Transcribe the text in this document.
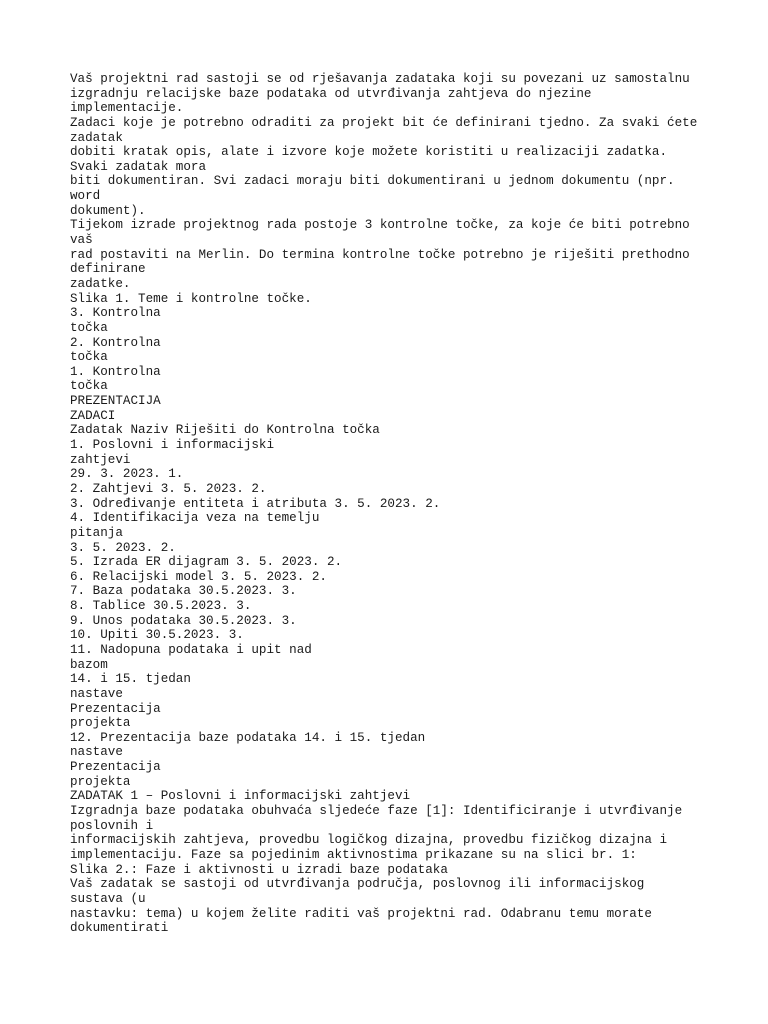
Vaš projektni rad sastoji se od rješavanja zadataka koji su povezani uz samostalnu
izgradnju relacijske baze podataka od utvrđivanja zahtjeva do njezine
implementacije.
Zadaci koje je potrebno odraditi za projekt bit će definirani tjedno. Za svaki ćete
zadatak
dobiti kratak opis, alate i izvore koje možete koristiti u realizaciji zadatka.
Svaki zadatak mora
biti dokumentiran. Svi zadaci moraju biti dokumentirani u jednom dokumentu (npr.
word
dokument).
Tijekom izrade projektnog rada postoje 3 kontrolne točke, za koje će biti potrebno
vaš
rad postaviti na Merlin. Do termina kontrolne točke potrebno je riješiti prethodno
definirane
zadatke.
Slika 1. Teme i kontrolne točke.
3. Kontrolna
točka
2. Kontrolna
točka
1. Kontrolna
točka
PREZENTACIJA
ZADACI
Zadatak Naziv Riješiti do Kontrolna točka
1. Poslovni i informacijski
zahtjevi
29. 3. 2023. 1.
2. Zahtjevi 3. 5. 2023. 2.
3. Određivanje entiteta i atributa 3. 5. 2023. 2.
4. Identifikacija veza na temelju
pitanja
3. 5. 2023. 2.
5. Izrada ER dijagram 3. 5. 2023. 2.
6. Relacijski model 3. 5. 2023. 2.
7. Baza podataka 30.5.2023. 3.
8. Tablice 30.5.2023. 3.
9. Unos podataka 30.5.2023. 3.
10. Upiti 30.5.2023. 3.
11. Nadopuna podataka i upit nad
bazom
14. i 15. tjedan
nastave
Prezentacija
projekta
12. Prezentacija baze podataka 14. i 15. tjedan
nastave
Prezentacija
projekta
ZADATAK 1 – Poslovni i informacijski zahtjevi
Izgradnja baze podataka obuhvaća sljedeće faze [1]: Identificiranje i utvrđivanje
poslovnih i
informacijskih zahtjeva, provedbu logičkog dizajna, provedbu fizičkog dizajna i
implementaciju. Faze sa pojedinim aktivnostima prikazane su na slici br. 1:
Slika 2.: Faze i aktivnosti u izradi baze podataka
Vaš zadatak se sastoji od utvrđivanja područja, poslovnog ili informacijskog
sustava (u
nastavku: tema) u kojem želite raditi vaš projektni rad. Odabranu temu morate
dokumentirati
